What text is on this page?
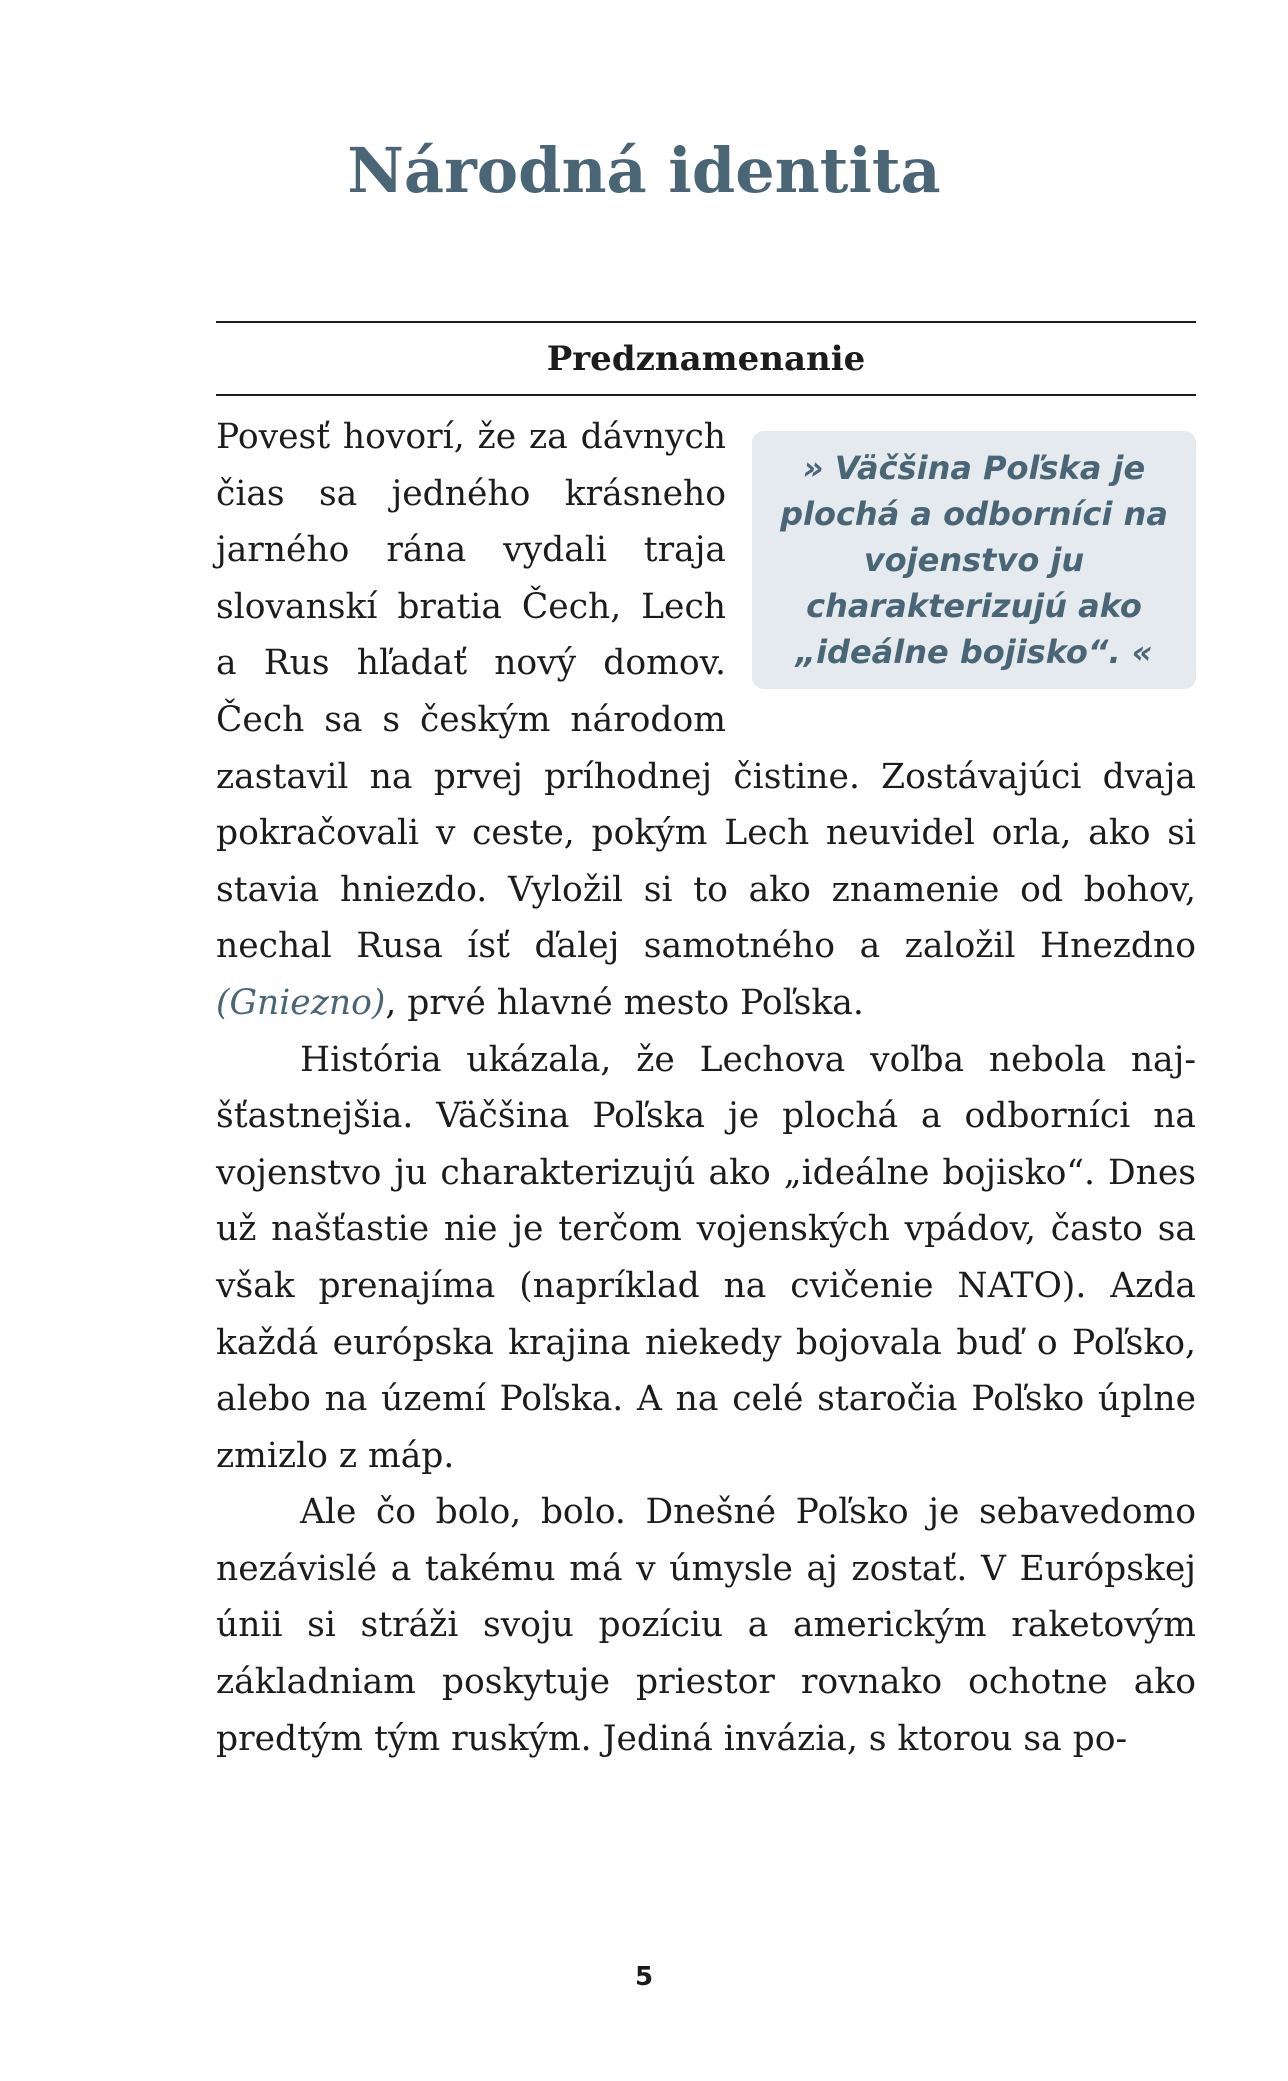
Národná identita
Predznamenanie
» Väčšina Poľska je plochá a odborníci na vojenstvo ju charakterizujú ako „ideálne bojisko“. «

Povesť hovorí, že za dávnych čias sa jedného krásneho jarného rána vydali traja slovanskí bratia Čech, Lech a Rus hľadať nový domov. Čech sa s českým národom zastavil na prvej príhodnej čistine. Zostávajúci dvaja pokračovali v ceste, pokým Lech neuvidel orla, ako si stavia hniezdo. Vyložil si to ako znamenie od bohov, nechal Rusa ísť ďalej samotného a založil Hnezdno (Gniezno), prvé hlavné mesto Poľska.

História ukázala, že Lechova voľba nebola najšťastnejšia. Väčšina Poľska je plochá a odborníci na vojenstvo ju charakterizujú ako „ideálne bojisko“. Dnes už našťastie nie je terčom vojenských vpádov, často sa však prenajíma (napríklad na cvičenie NATO). Azda každá európska krajina niekedy bojovala buď o Poľsko, alebo na území Poľska. A na celé staročia Poľsko úplne zmizlo z máp.

Ale čo bolo, bolo. Dnešné Poľsko je sebavedomo nezávislé a takému má v úmysle aj zostať. V Európskej únii si stráži svoju pozíciu a americkým raketovým základniam poskytuje priestor rovnako ochotne ako predtým tým ruským. Jediná invázia, s ktorou sa po-

5
